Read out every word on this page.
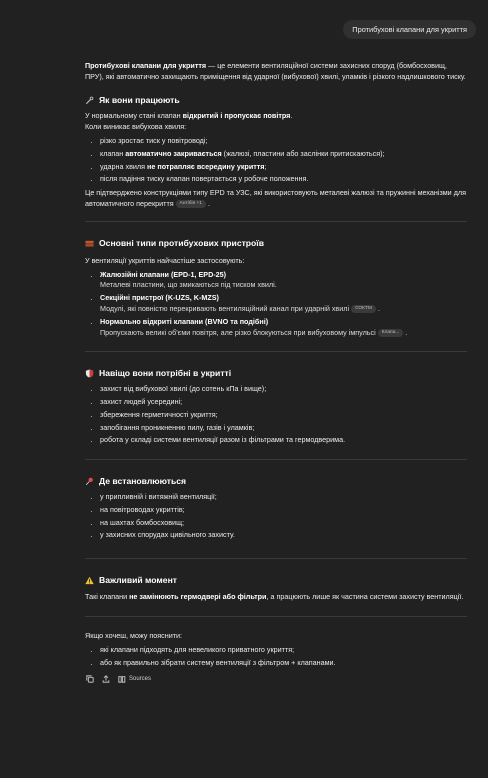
Протибухові клапани для укриття

Протибухові клапани для укриття — це елементи вентиляційної системи захисних споруд (бомбосховищ, ПРУ), які автоматично захищають приміщення від ударної (вибухової) хвилі, уламків і різкого надлишкового тиску.

Як вони працюють

У нормальному стані клапан відкритий і пропускає повітря.

Коли виникає вибухова хвиля:

• різко зростає тиск у повітроводі;
• клапан автоматично закривається (жалюзі, пластини або заслінки притискаються);
• ударна хвиля не потрапляє всередину укриття;
• після падіння тиску клапан повертається у робоче положення.

Це підтверджено конструкціями типу ЕРD та УЗС, які використовують металеві жалюзі та пружинні механізми для автоматичного перекриття Антібія +1 .

Основні типи протибухових пристроїв

У вентиляції укриттів найчастіше застосовують:

• Жалюзійні клапани (ЕРD-1, ЕРD-25)
Металеві пластини, що змикаються під тиском хвилі.
• Секційні пристрої (K-UZS, K-MZS)
Модулі, які повністю перекривають вентиляційний канал при ударній хвилі СОКТМ .
• Нормально відкриті клапани (BVNO та подібні)
Пропускають великі об'єми повітря, але різко блокуються при вибуховому імпульсі Клапа... .
Навіщо вони потрібні в укритті
• захист від вибухової хвилі (до сотень кПа і вище);
• захист людей усередині;
• збереження герметичності укриття;
• запобігання проникненню пилу, газів і уламків;
• робота у складі системи вентиляції разом із фільтрами та гермодверима.
Де встановлюються
• у припливній і витяжній вентиляції;
• на повітроводах укриттів;
• на шахтах бомбосховищ;
• у захисних спорудах цивільного захисту.
Важливий момент

Такі клапани не замінюють гермодвері або фільтри, а працюють лише як частина системи захисту вентиляції.

Якщо хочеш, можу пояснити:

• які клапани підходять для невеликого приватного укриття;
• або як правильно зібрати систему вентиляції з фільтром + клапанами.
Sources
